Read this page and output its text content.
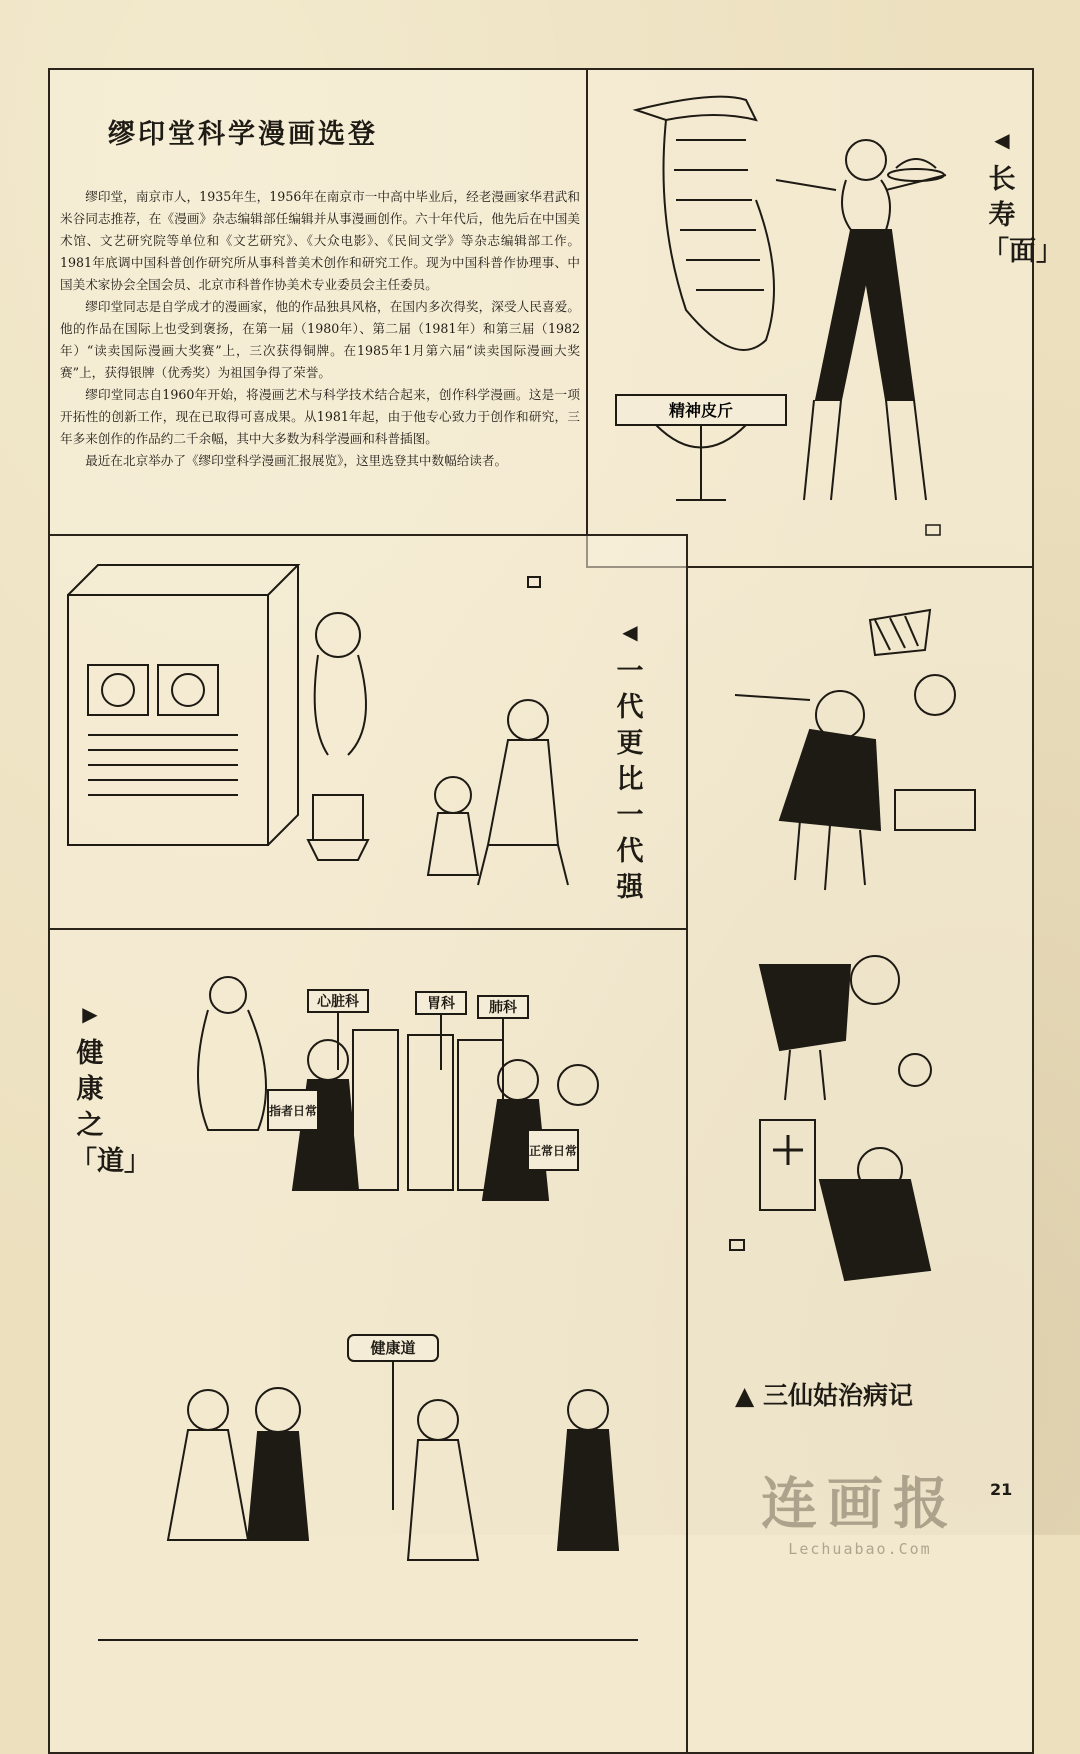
缪印堂科学漫画选登

缪印堂，南京市人，1935年生，1956年在南京市一中高中毕业后，经老漫画家华君武和米谷同志推荐，在《漫画》杂志编辑部任编辑并从事漫画创作。六十年代后，他先后在中国美术馆、文艺研究院等单位和《文艺研究》、《大众电影》、《民间文学》等杂志编辑部工作。1981年底调中国科普创作研究所从事科普美术创作和研究工作。现为中国科普作协理事、中国美术家协会全国会员、北京市科普作协美术专业委员会主任委员。

缪印堂同志是自学成才的漫画家，他的作品独具风格，在国内多次得奖，深受人民喜爱。他的作品在国际上也受到褒扬，在第一届（1980年）、第二届（1981年）和第三届（1982年）“读卖国际漫画大奖赛”上，三次获得铜牌。在1985年1月第六届“读卖国际漫画大奖赛”上，获得银牌（优秀奖）为祖国争得了荣誉。

缪印堂同志自1960年开始，将漫画艺术与科学技术结合起来，创作科学漫画。这是一项开拓性的创新工作，现在已取得可喜成果。从1981年起，由于他专心致力于创作和研究，三年多来创作的作品约二千余幅，其中大多数为科学漫画和科普插图。

最近在北京举办了《缪印堂科学漫画汇报展览》，这里选登其中数幅给读者。

◀
长寿「面」
◀
一代更比一代强
▶
健康之「道」
▲ 三仙姑治病记
精神皮斤
心脏科	胃科 肺科
健康道
指者日常
正常日常
21
连画报
Lechuabao.Com
